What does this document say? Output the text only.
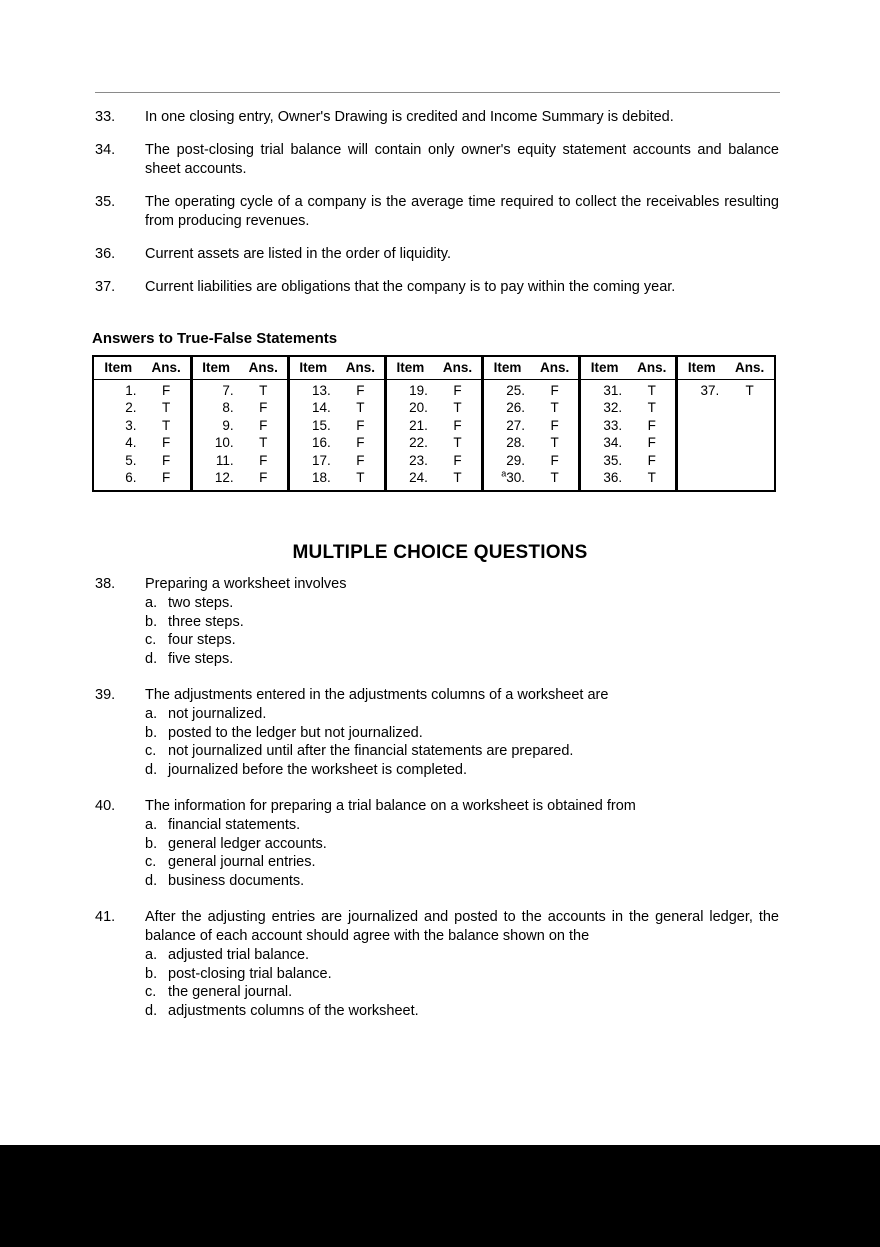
33.	In one closing entry, Owner's Drawing is credited and Income Summary is debited.
34.	The post-closing trial balance will contain only owner's equity statement accounts and balance sheet accounts.
35.	The operating cycle of a company is the average time required to collect the receivables resulting from producing revenues.
36.	Current assets are listed in the order of liquidity.
37.	Current liabilities are obligations that the company is to pay within the coming year.
Answers to True-False Statements
Item	Ans.	Item	Ans.	Item	Ans.	Item	Ans.	Item	Ans.	Item	Ans.	Item	Ans.
1.	F	7.	T	13.	F	19.	F	25.	F	31.	T	37.	T
2.	T	8.	F	14.	T	20.	T	26.	T	32.	T		
3.	T	9.	F	15.	F	21.	F	27.	F	33.	F		
4.	F	10.	T	16.	F	22.	T	28.	T	34.	F		
5.	F	11.	F	17.	F	23.	F	29.	F	35.	F		
6.	F	12.	F	18.	T	24.	T	$^a$30.	T	36.	T		
MULTIPLE CHOICE QUESTIONS
38.	Preparing a worksheet involves
a. two steps.
b. three steps.
c. four steps.
d. five steps.
39.	The adjustments entered in the adjustments columns of a worksheet are
a. not journalized.
b. posted to the ledger but not journalized.
c. not journalized until after the financial statements are prepared.
d. journalized before the worksheet is completed.
40.	The information for preparing a trial balance on a worksheet is obtained from
a. financial statements.
b. general ledger accounts.
c. general journal entries.
d. business documents.
41.	After the adjusting entries are journalized and posted to the accounts in the general ledger, the balance of each account should agree with the balance shown on the
a. adjusted trial balance.
b. post-closing trial balance.
c. the general journal.
d. adjustments columns of the worksheet.
